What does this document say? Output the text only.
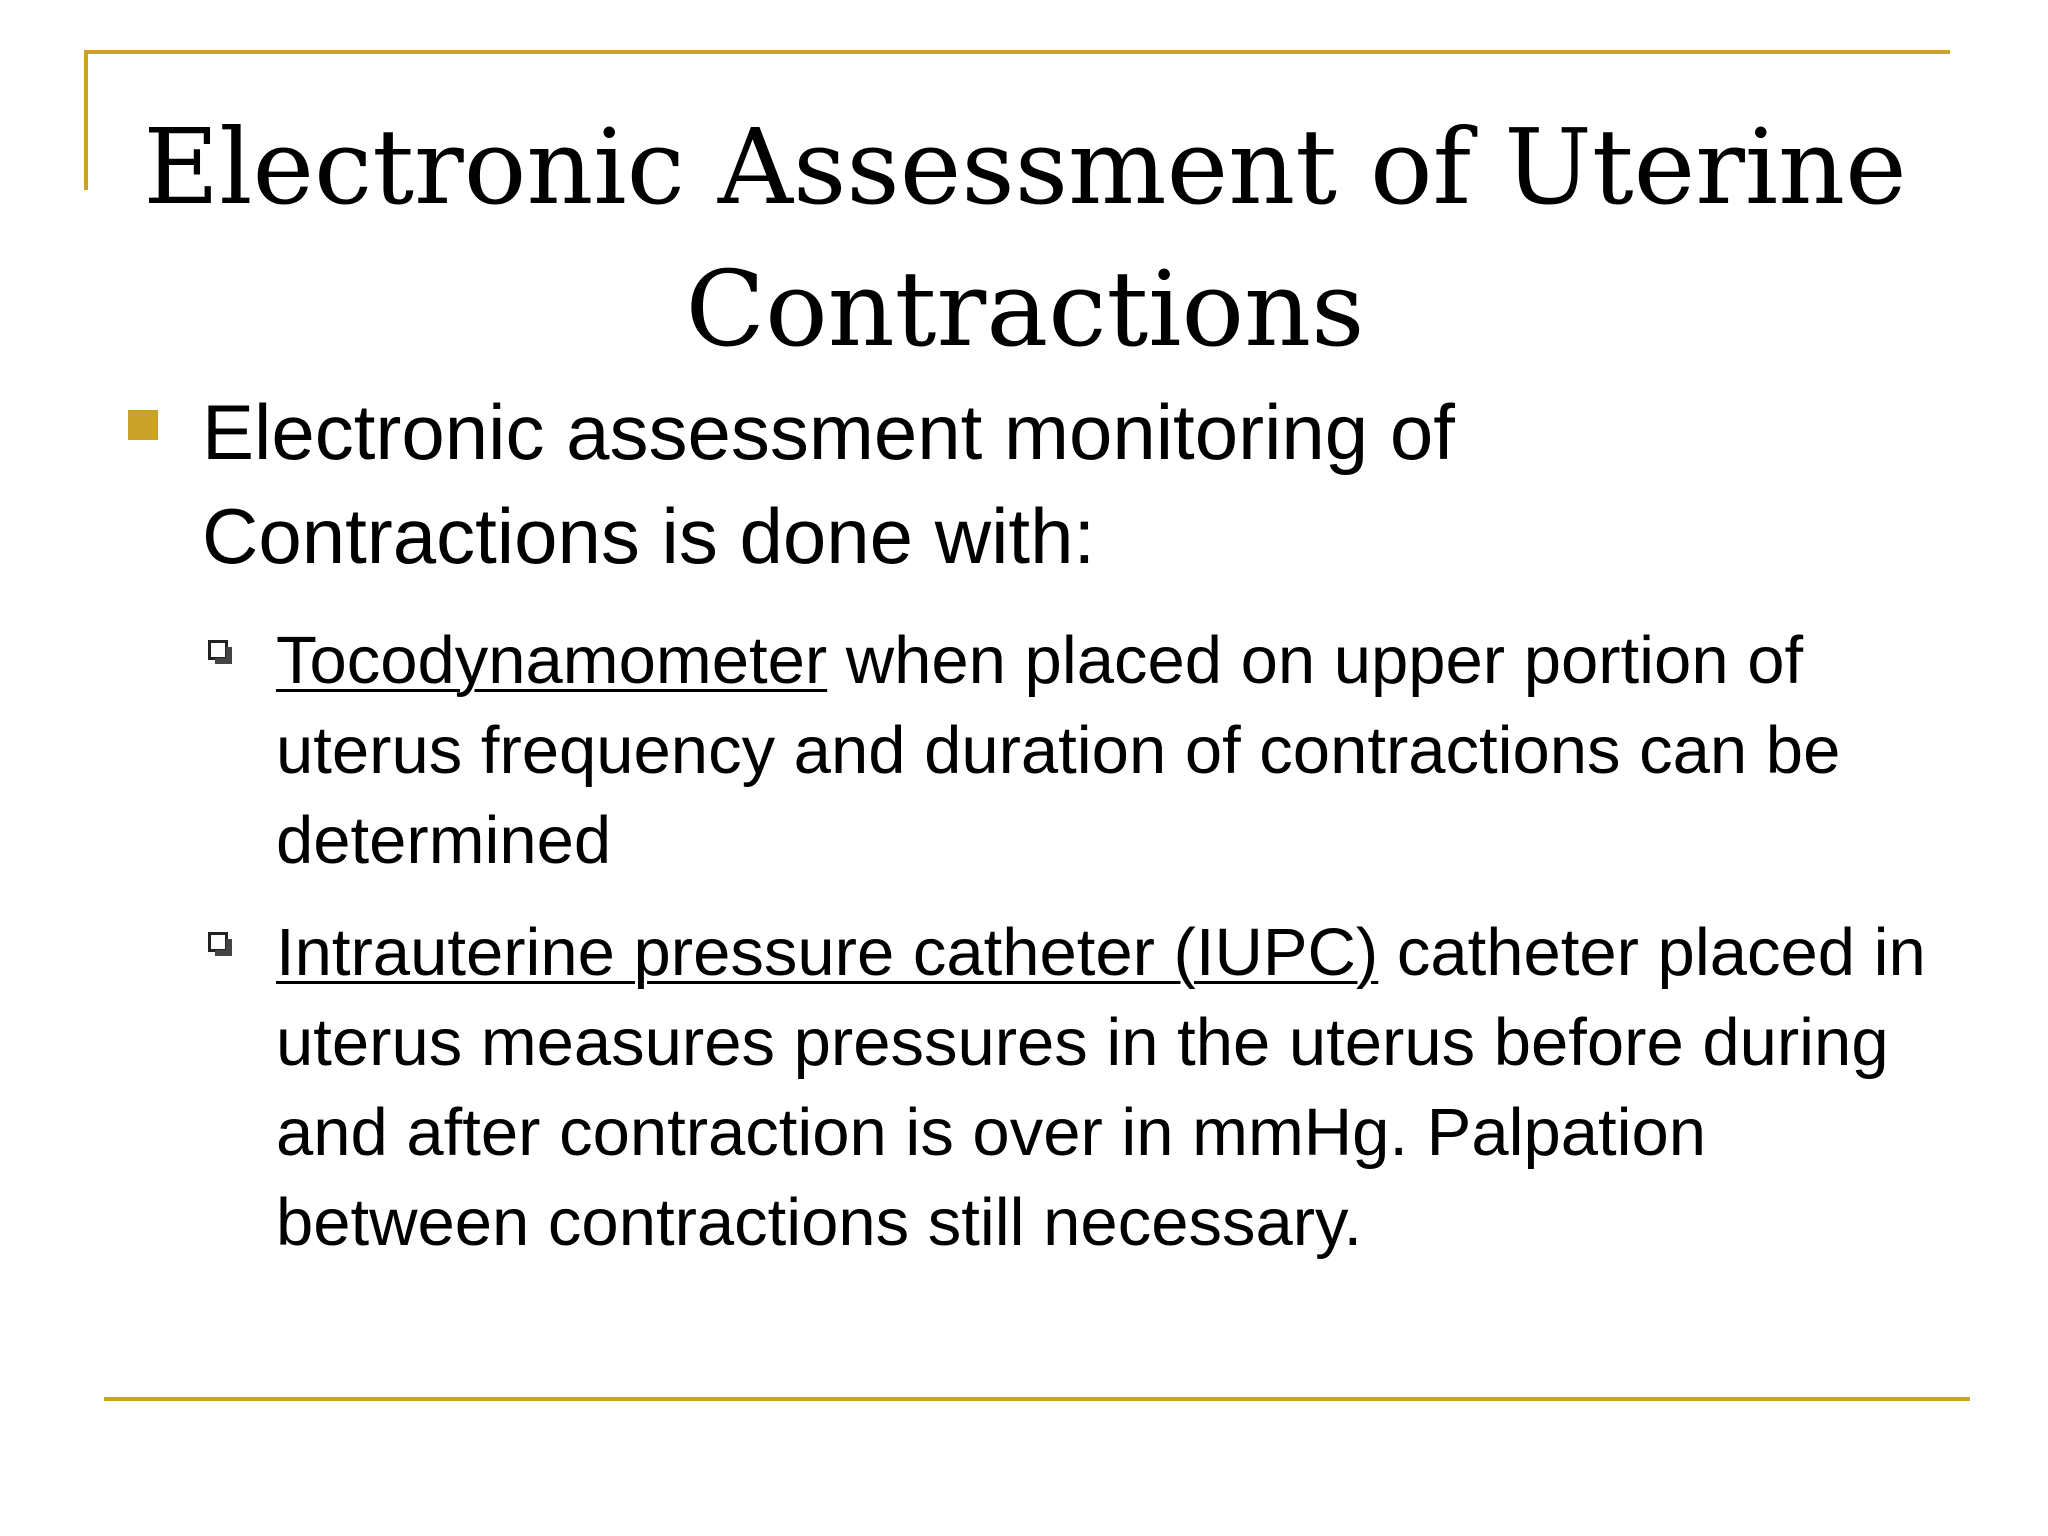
Electronic Assessment of Uterine Contractions
Electronic assessment monitoring of Contractions is done with:
Tocodynamometer when placed on upper portion of uterus frequency and duration of contractions can be determined
Intrauterine pressure catheter (IUPC) catheter placed in uterus measures pressures in the uterus before during and after contraction is over in mmHg. Palpation between contractions still necessary.
